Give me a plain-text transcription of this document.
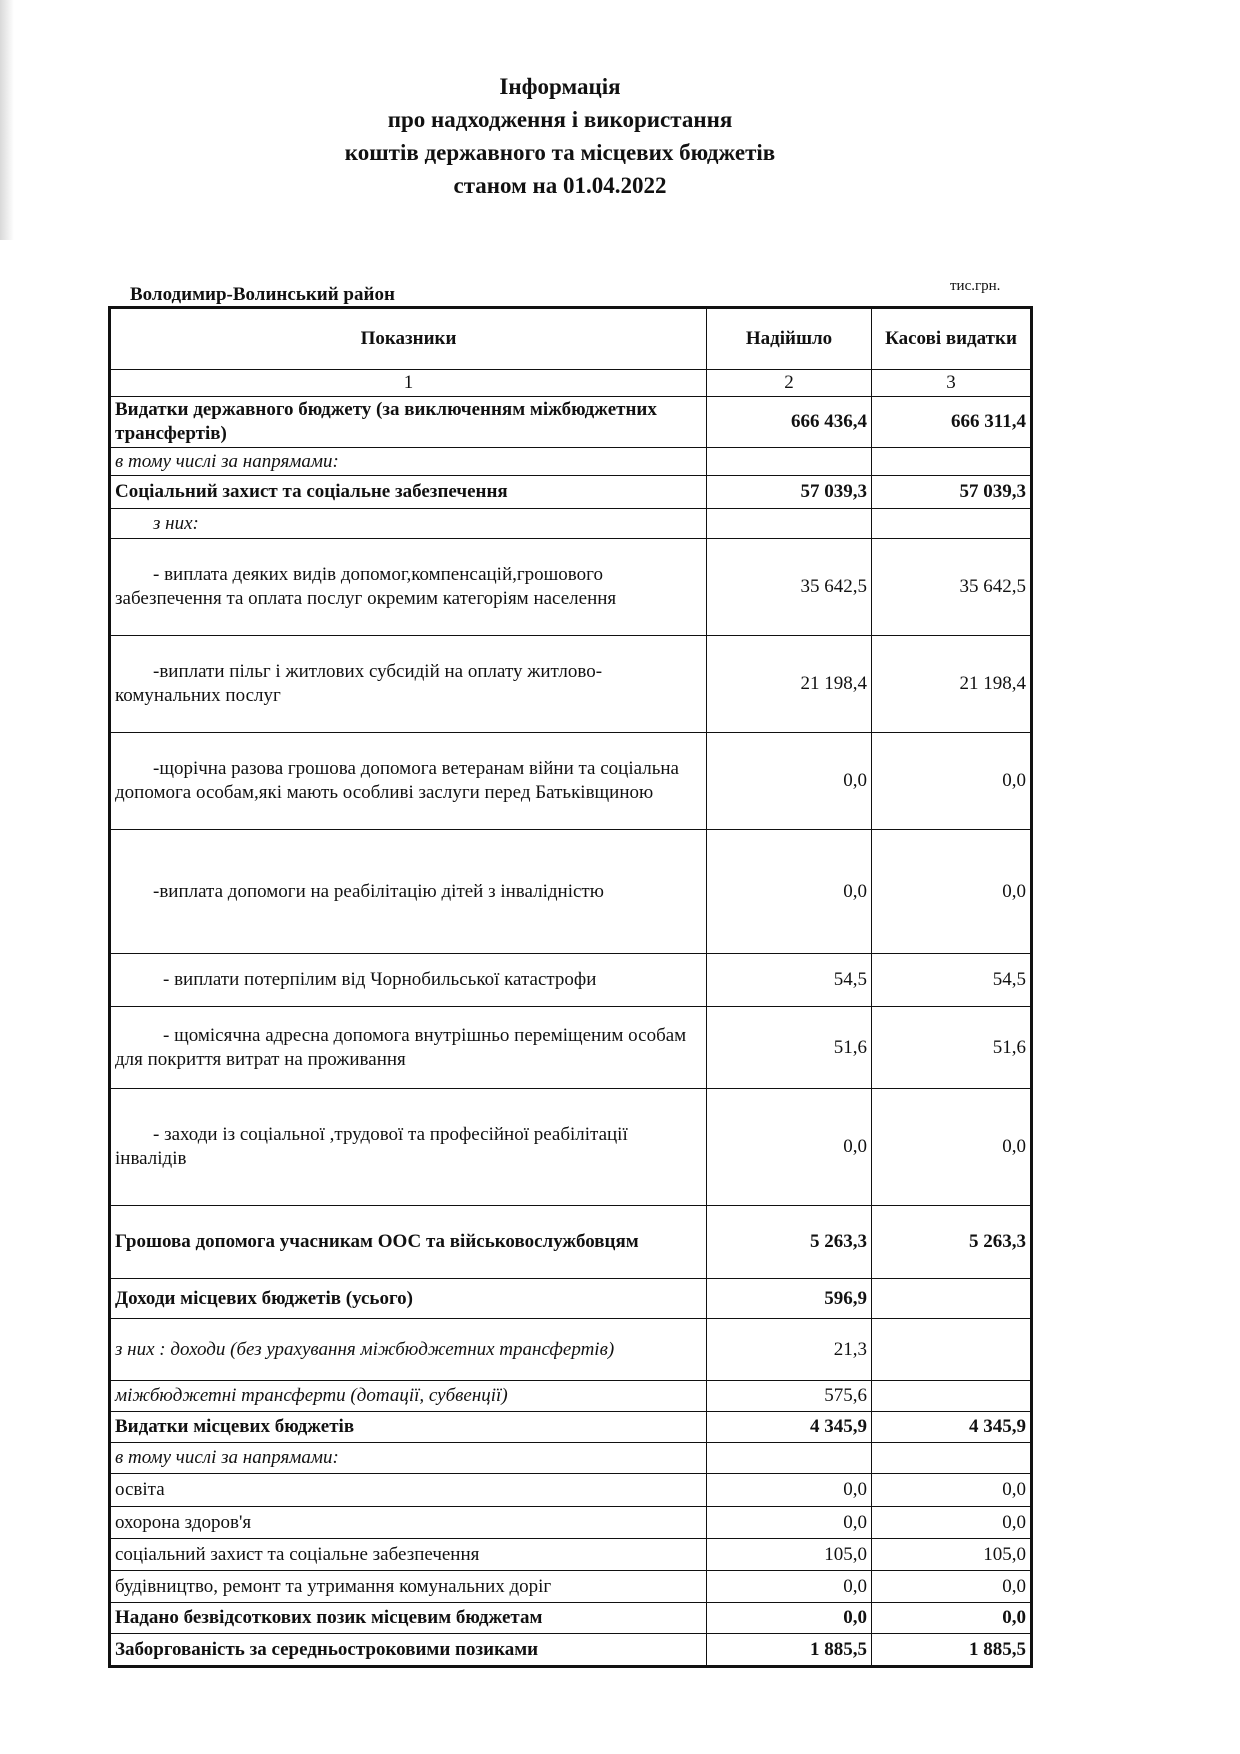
Інформація
про надходження і використання
коштів державного та місцевих бюджетів
станом на 01.04.2022
Володимир-Волинський район	тис.грн.
Показники	Надійшло	Касові видатки
1	2	3
Видатки державного бюджету (за виключенням міжбюджетних трансфертів)	666 436,4	666 311,4
в тому числі за напрямами:		
Соціальний захист та соціальне забезпечення	57 039,3	57 039,3
з них:		
- виплата деяких видів допомог,компенсацій,грошового забезпечення та оплата послуг окремим категоріям населення	35 642,5	35 642,5
-виплати пільг і житлових субсидій на оплату житлово-комунальних послуг	21 198,4	21 198,4
-щорічна разова грошова допомога ветеранам війни та соціальна допомога особам,які мають особливі заслуги перед Батьківщиною	0,0	0,0
-виплата допомоги на реабілітацію дітей з інвалідністю	0,0	0,0
- виплати потерпілим від Чорнобильської катастрофи	54,5	54,5
- щомісячна адресна допомога внутрішньо переміщеним особам для покриття витрат на проживання	51,6	51,6
- заходи із соціальної ,трудової та професійної реабілітації інвалідів	0,0	0,0
Грошова допомога учасникам ООС та військовослужбовцям	5 263,3	5 263,3
Доходи місцевих бюджетів (усього)	596,9	
з них : доходи (без урахування міжбюджетних трансфертів)	21,3	
міжбюджетні трансферти (дотації, субвенції)	575,6	
Видатки місцевих бюджетів	4 345,9	4 345,9
в тому числі за напрямами:		
освіта	0,0	0,0
охорона здоров'я	0,0	0,0
соціальний захист та соціальне забезпечення	105,0	105,0
будівництво, ремонт та утримання комунальних доріг	0,0	0,0
Надано безвідсоткових позик місцевим бюджетам	0,0	0,0
Заборгованість за середньостроковими позиками	1 885,5	1 885,5
